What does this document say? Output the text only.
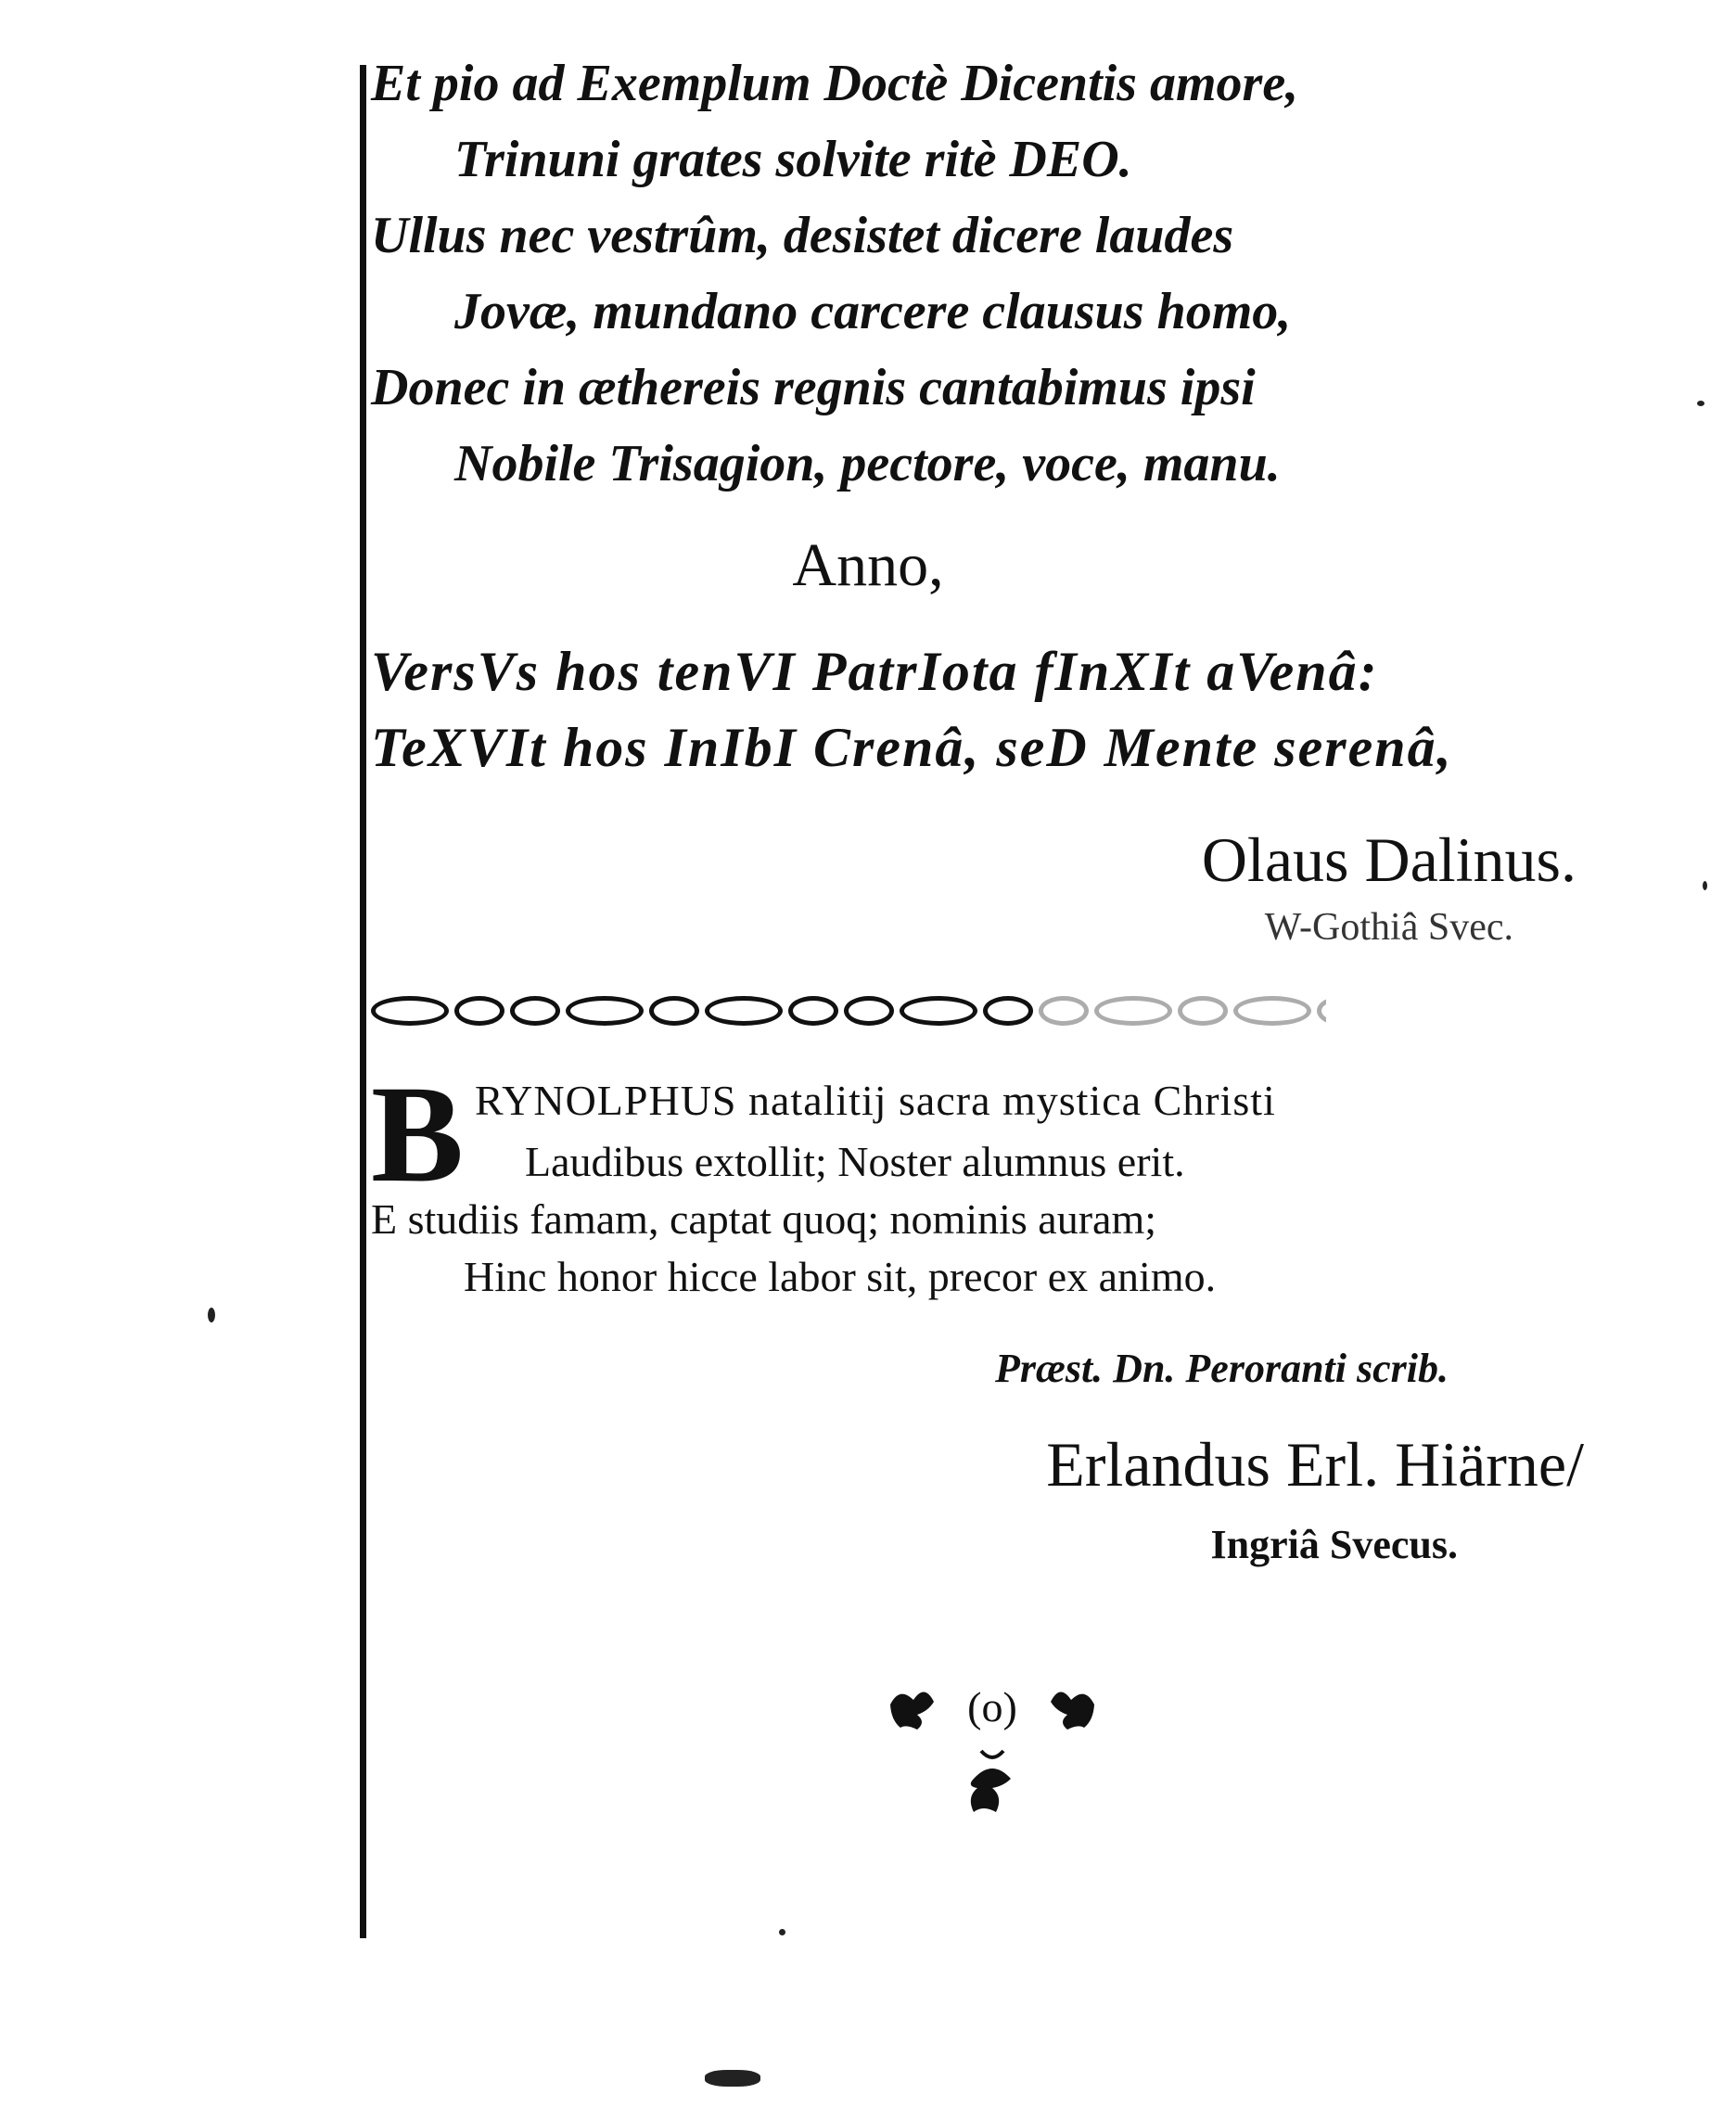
Et pio ad Exemplum Doctè Dicentis amore,
Trinuni grates solvite ritè DEO.
Ullus nec vestrûm, desistet dicere laudes
Jovæ, mundano carcere clausus homo,
Donec in æthereis regnis cantabimus ipsi
Nobile Trisagion, pectore, voce, manu.
Anno,
VersVs hos tenVI PatrIota fInXIt aVenâ:
TeXVIt hos InIbI Crenâ, seD Mente serenâ,
Olaus Dalinus.
W-Gothiâ Svec.
B RYNOLPHUS natalitij sacra mystica Christi
Laudibus extollit; Noster alumnus erit.
E studiis famam, captat quoq; nominis auram;
Hinc honor hicce labor sit, precor ex animo.
Præst. Dn. Peroranti scrib.
Erlandus Erl. Hiärne/
Ingriâ Svecus.
(o)
